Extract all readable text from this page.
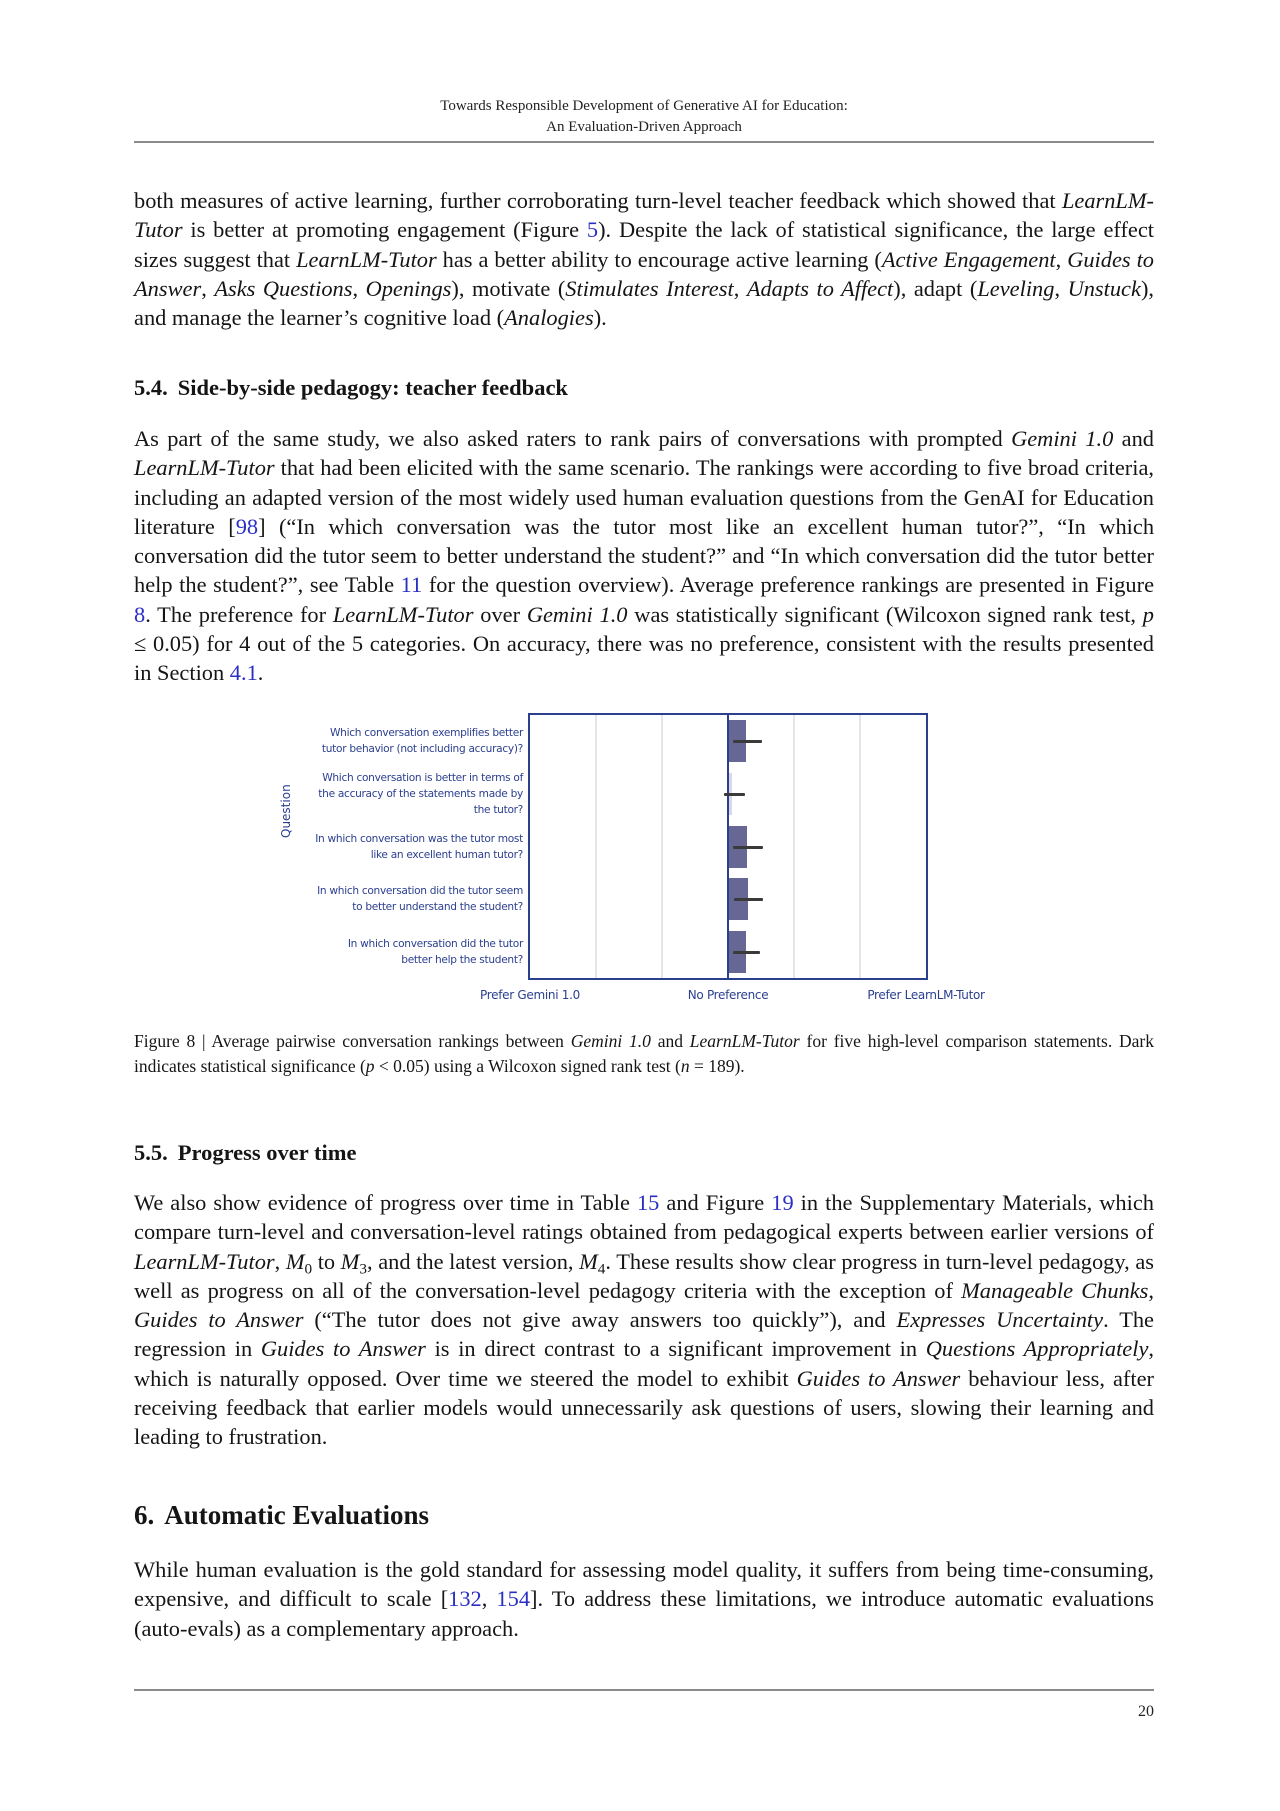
Towards Responsible Development of Generative AI for Education:
An Evaluation-Driven Approach
both measures of active learning, further corroborating turn-level teacher feedback which showed that LearnLM-Tutor is better at promoting engagement (Figure 5). Despite the lack of statistical significance, the large effect sizes suggest that LearnLM-Tutor has a better ability to encourage active learning (Active Engagement, Guides to Answer, Asks Questions, Openings), motivate (Stimulates Interest, Adapts to Affect), adapt (Leveling, Unstuck), and manage the learner’s cognitive load (Analogies).
5.4. Side-by-side pedagogy: teacher feedback
As part of the same study, we also asked raters to rank pairs of conversations with prompted Gemini 1.0 and LearnLM-Tutor that had been elicited with the same scenario. The rankings were according to five broad criteria, including an adapted version of the most widely used human evaluation questions from the GenAI for Education literature [98] (“In which conversation was the tutor most like an excellent human tutor?”, “In which conversation did the tutor seem to better understand the student?” and “In which conversation did the tutor better help the student?”, see Table 11 for the question overview). Average preference rankings are presented in Figure 8. The preference for LearnLM-Tutor over Gemini 1.0 was statistically significant (Wilcoxon signed rank test, p ≤ 0.05) for 4 out of the 5 categories. On accuracy, there was no preference, consistent with the results presented in Section 4.1.
Figure 8 | Average pairwise conversation rankings between Gemini 1.0 and LearnLM-Tutor for five high-level comparison statements. Dark indicates statistical significance (p < 0.05) using a Wilcoxon signed rank test (n = 189).
5.5. Progress over time
We also show evidence of progress over time in Table 15 and Figure 19 in the Supplementary Materials, which compare turn-level and conversation-level ratings obtained from pedagogical experts between earlier versions of LearnLM-Tutor, $M_0$ to $M_3$, and the latest version, $M_4$. These results show clear progress in turn-level pedagogy, as well as progress on all of the conversation-level pedagogy criteria with the exception of Manageable Chunks, Guides to Answer (“The tutor does not give away answers too quickly”), and Expresses Uncertainty. The regression in Guides to Answer is in direct contrast to a significant improvement in Questions Appropriately, which is naturally opposed. Over time we steered the model to exhibit Guides to Answer behaviour less, after receiving feedback that earlier models would unnecessarily ask questions of users, slowing their learning and leading to frustration.
6. Automatic Evaluations
While human evaluation is the gold standard for assessing model quality, it suffers from being time-consuming, expensive, and difficult to scale [132, 154]. To address these limitations, we introduce automatic evaluations (auto-evals) as a complementary approach.
20
Question
Which conversation exemplifies better
tutor behavior (not including accuracy)?
Which conversation is better in terms of
the accuracy of the statements made by
the tutor?
In which conversation was the tutor most
like an excellent human tutor?
In which conversation did the tutor seem
to better understand the student?
In which conversation did the tutor
better help the student?
Prefer Gemini 1.0	No Preference	Prefer LearnLM-Tutor
